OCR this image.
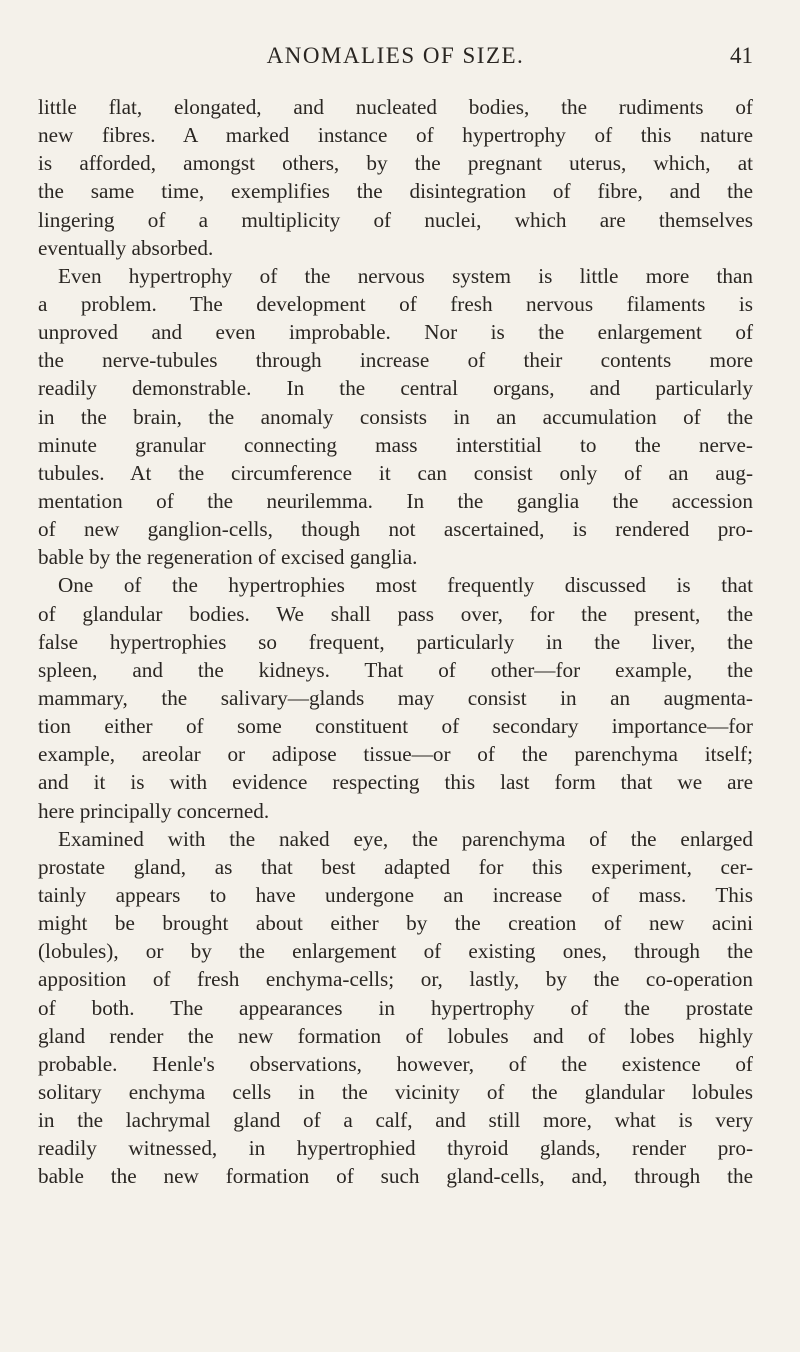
ANOMALIES OF SIZE.	41
little flat, elongated, and nucleated bodies, the rudiments of
new fibres. A marked instance of hypertrophy of this nature
is afforded, amongst others, by the pregnant uterus, which, at
the same time, exemplifies the disintegration of fibre, and the
lingering of a multiplicity of nuclei, which are themselves
eventually absorbed.
Even hypertrophy of the nervous system is little more than
a problem. The development of fresh nervous filaments is
unproved and even improbable. Nor is the enlargement of
the nerve-tubules through increase of their contents more
readily demonstrable. In the central organs, and particularly
in the brain, the anomaly consists in an accumulation of the
minute granular connecting mass interstitial to the nerve-
tubules. At the circumference it can consist only of an aug-
mentation of the neurilemma. In the ganglia the accession
of new ganglion-cells, though not ascertained, is rendered pro-
bable by the regeneration of excised ganglia.
One of the hypertrophies most frequently discussed is that
of glandular bodies. We shall pass over, for the present, the
false hypertrophies so frequent, particularly in the liver, the
spleen, and the kidneys. That of other—for example, the
mammary, the salivary—glands may consist in an augmenta-
tion either of some constituent of secondary importance—for
example, areolar or adipose tissue—or of the parenchyma itself;
and it is with evidence respecting this last form that we are
here principally concerned.
Examined with the naked eye, the parenchyma of the enlarged
prostate gland, as that best adapted for this experiment, cer-
tainly appears to have undergone an increase of mass. This
might be brought about either by the creation of new acini
(lobules), or by the enlargement of existing ones, through the
apposition of fresh enchyma-cells; or, lastly, by the co-operation
of both. The appearances in hypertrophy of the prostate
gland render the new formation of lobules and of lobes highly
probable. Henle's observations, however, of the existence of
solitary enchyma cells in the vicinity of the glandular lobules
in the lachrymal gland of a calf, and still more, what is very
readily witnessed, in hypertrophied thyroid glands, render pro-
bable the new formation of such gland-cells, and, through the
